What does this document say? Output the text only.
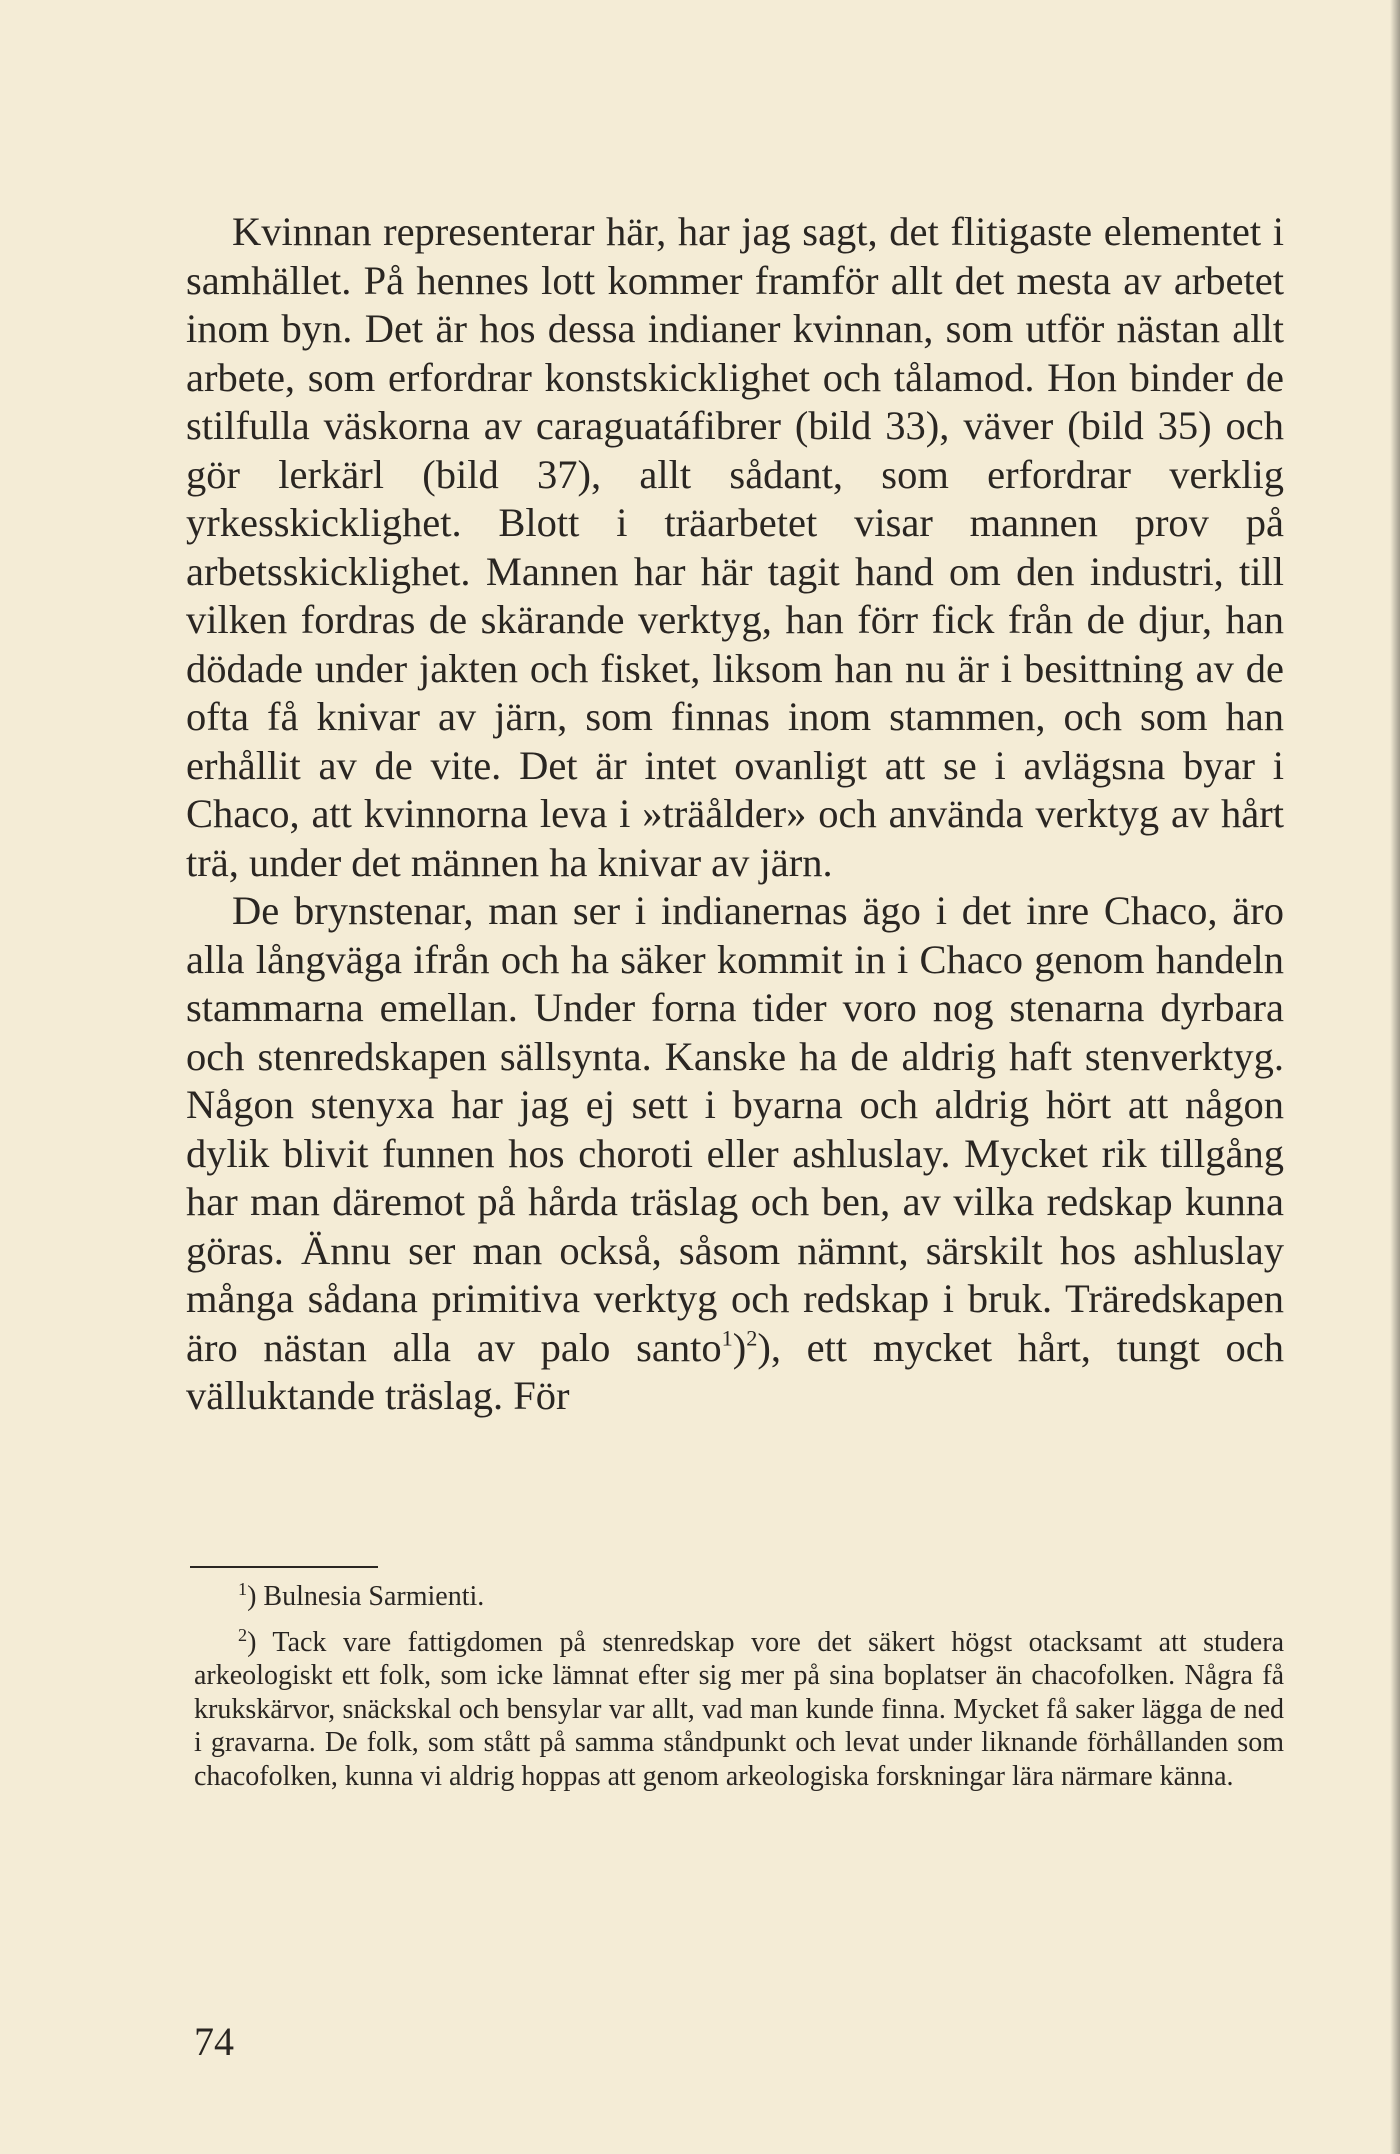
Kvinnan representerar här, har jag sagt, det flitigaste elementet i samhället. På hennes lott kommer framför allt det mesta av arbetet inom byn. Det är hos dessa indianer kvinnan, som utför nästan allt arbete, som erfordrar konstskicklighet och tålamod. Hon binder de stilfulla väskorna av caraguatáfibrer (bild 33), väver (bild 35) och gör lerkärl (bild 37), allt sådant, som erfordrar verklig yrkesskicklighet. Blott i träarbetet visar mannen prov på arbetsskicklighet. Mannen har här tagit hand om den industri, till vilken fordras de skärande verktyg, han förr fick från de djur, han dödade under jakten och fisket, liksom han nu är i besittning av de ofta få knivar av järn, som finnas inom stammen, och som han erhållit av de vite. Det är intet ovanligt att se i avlägsna byar i Chaco, att kvinnorna leva i »träålder» och använda verktyg av hårt trä, under det männen ha knivar av järn.

De brynstenar, man ser i indianernas ägo i det inre Chaco, äro alla långväga ifrån och ha säker kommit in i Chaco genom handeln stammarna emellan. Under forna tider voro nog stenarna dyrbara och stenredskapen sällsynta. Kanske ha de aldrig haft stenverktyg. Någon stenyxa har jag ej sett i byarna och aldrig hört att någon dylik blivit funnen hos choroti eller ashluslay. Mycket rik tillgång har man däremot på hårda träslag och ben, av vilka redskap kunna göras. Ännu ser man också, såsom nämnt, särskilt hos ashluslay många sådana primitiva verktyg och redskap i bruk. Träredskapen äro nästan alla av palo santo$^1$)$^2$), ett mycket hårt, tungt och välluktande träslag. För

$^1$) Bulnesia Sarmienti.

$^2$) Tack vare fattigdomen på stenredskap vore det säkert högst otacksamt att studera arkeologiskt ett folk, som icke lämnat efter sig mer på sina boplatser än chacofolken. Några få krukskärvor, snäckskal och bensylar var allt, vad man kunde finna. Mycket få saker lägga de ned i gravarna. De folk, som stått på samma ståndpunkt och levat under liknande förhållanden som chacofolken, kunna vi aldrig hoppas att genom arkeologiska forskningar lära närmare känna.

74
